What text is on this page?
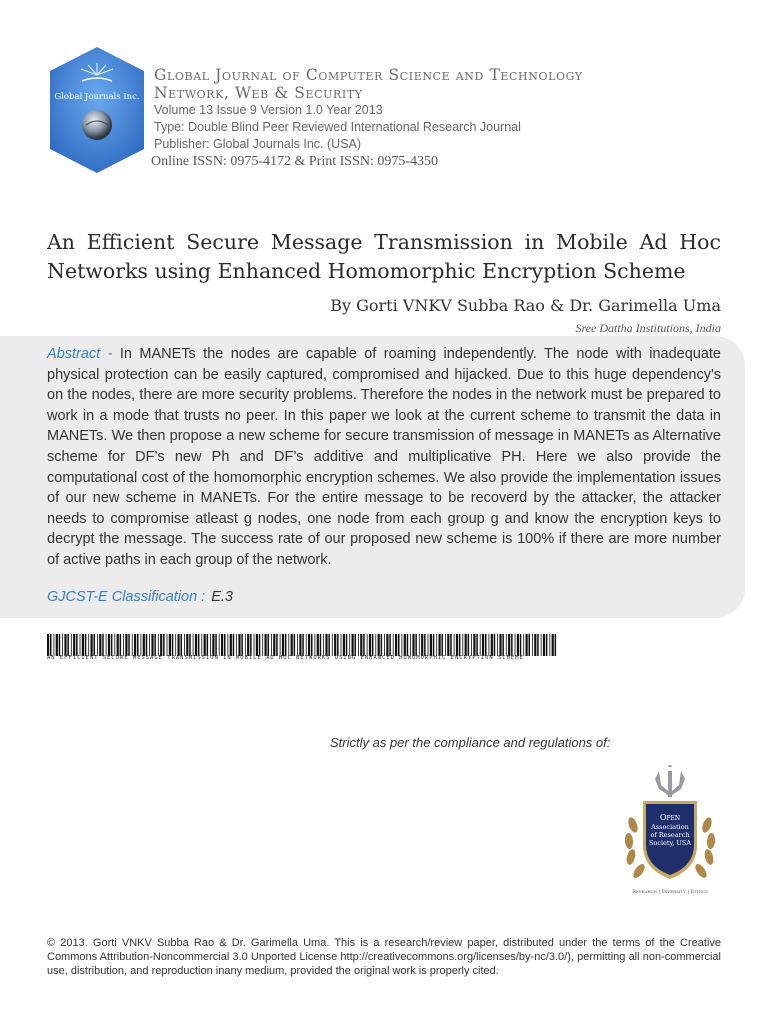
Global Journals Inc.
Global Journal of Computer Science and Technology
Network, Web & Security
Volume 13 Issue 9 Version 1.0 Year 2013
Type: Double Blind Peer Reviewed International Research Journal
Publisher: Global Journals Inc. (USA)
Online ISSN: 0975-4172 & Print ISSN: 0975-4350
An Efficient Secure Message Transmission in Mobile Ad Hoc Networks using Enhanced Homomorphic Encryption Scheme
By Gorti VNKV Subba Rao & Dr. Garimella Uma
Sree Dattha Institutions, India
Abstract - In MANETs the nodes are capable of roaming independently. The node with inadequate physical protection can be easily captured, compromised and hijacked. Due to this huge dependency's on the nodes, there are more security problems. Therefore the nodes in the network must be prepared to work in a mode that trusts no peer. In this paper we look at the current scheme to transmit the data in MANETs. We then propose a new scheme for secure transmission of message in MANETs as Alternative scheme for DF’s new Ph and DF’s additive and multiplicative PH. Here we also provide the computational cost of the homomorphic encryption schemes. We also provide the implementation issues of our new scheme in MANETs. For the entire message to be recoverd by the attacker, the attacker needs to compromise atleast g nodes, one node from each group g and know the encryption keys to decrypt the message. The success rate of our proposed new scheme is 100% if there are more number of active paths in each group of the network.
GJCST-E Classification : E.3
AN EFFICIENT SECURE MESSAGE TRANSMISSION IN MOBILE AD HOC NETWORKS USING ENHANCED HOMOMORPHIC ENCRYPTION SCHEME
Strictly as per the compliance and regulations of:
Open
Association
of Research
Society, USA
Research | Diversity | Ethics
© 2013. Gorti VNKV Subba Rao & Dr. Garimella Uma. This is a research/review paper, distributed under the terms of the Creative Commons Attribution-Noncommercial 3.0 Unported License http://creativecommons.org/licenses/by-nc/3.0/), permitting all non-commercial use, distribution, and reproduction inany medium, provided the original work is properly cited.
